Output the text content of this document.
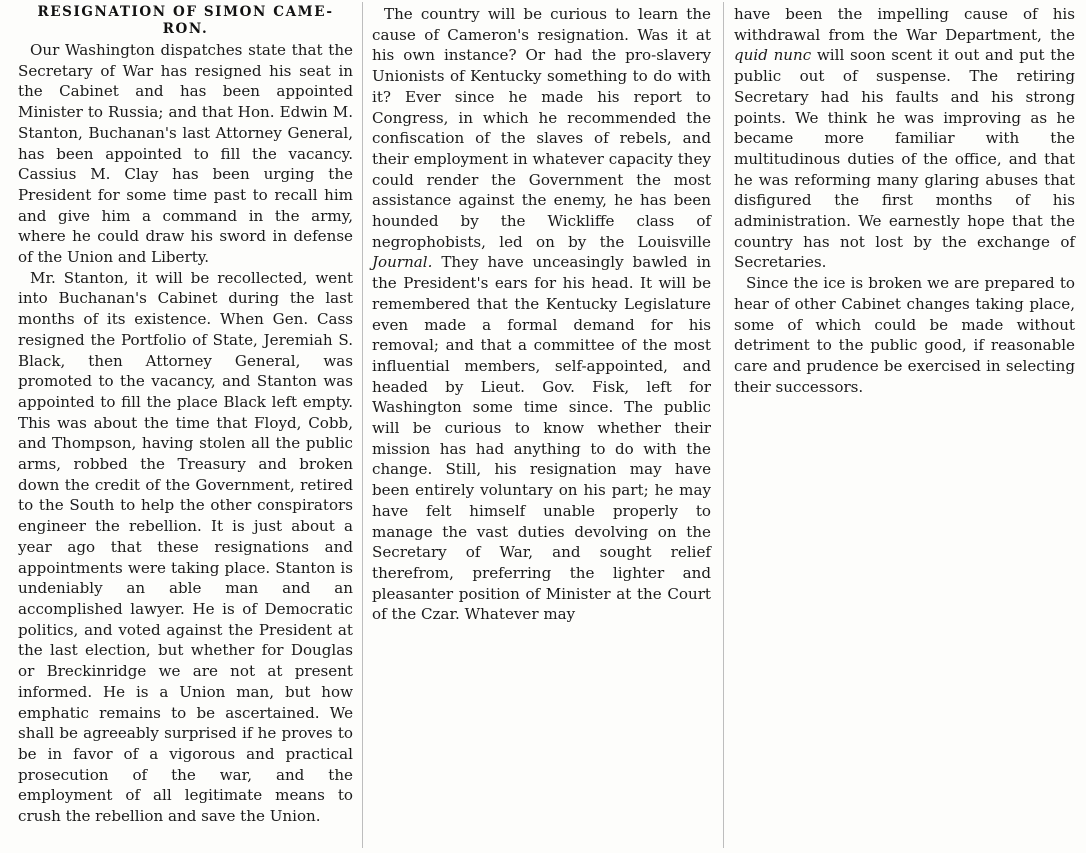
RESIGNATION OF SIMON CAME-
RON.

Our Washington dispatches state that the Secretary of War has resigned his seat in the Cabinet and has been appointed Minister to Russia; and that Hon. Edwin M. Stanton, Buchanan's last Attorney General, has been appointed to fill the vacancy. Cassius M. Clay has been urging the President for some time past to recall him and give him a command in the army, where he could draw his sword in defense of the Union and Liberty.

Mr. Stanton, it will be recollected, went into Buchanan's Cabinet during the last months of its existence. When Gen. Cass resigned the Portfolio of State, Jeremiah S. Black, then Attorney General, was promoted to the vacancy, and Stanton was appointed to fill the place Black left empty. This was about the time that Floyd, Cobb, and Thompson, having stolen all the public arms, robbed the Treasury and broken down the credit of the Government, retired to the South to help the other conspirators engineer the rebellion. It is just about a year ago that these resignations and appointments were taking place. Stanton is undeniably an able man and an accomplished lawyer. He is of Democratic politics, and voted against the President at the last election, but whether for Douglas or Breckinridge we are not at present informed. He is a Union man, but how emphatic remains to be ascertained. We shall be agreeably surprised if he proves to be in favor of a vigorous and practical prosecution of the war, and the employment of all legitimate means to crush the rebellion and save the Union.

The country will be curious to learn the cause of Cameron's resignation. Was it at his own instance? Or had the pro-slavery Unionists of Kentucky something to do with it? Ever since he made his report to Congress, in which he recommended the confiscation of the slaves of rebels, and their employment in whatever capacity they could render the Government the most assistance against the enemy, he has been hounded by the Wickliffe class of negrophobists, led on by the Louisville Journal. They have unceasingly bawled in the President's ears for his head. It will be remembered that the Kentucky Legislature even made a formal demand for his removal; and that a committee of the most influential members, self-appointed, and headed by Lieut. Gov. Fisk, left for Washington some time since. The public will be curious to know whether their mission has had anything to do with the change. Still, his resignation may have been entirely voluntary on his part; he may have felt himself unable properly to manage the vast duties devolving on the Secretary of War, and sought relief therefrom, preferring the lighter and pleasanter position of Minister at the Court of the Czar. Whatever may

have been the impelling cause of his withdrawal from the War Department, the quid nunc will soon scent it out and put the public out of suspense. The retiring Secretary had his faults and his strong points. We think he was improving as he became more familiar with the multitudinous duties of the office, and that he was reforming many glaring abuses that disfigured the first months of his administration. We earnestly hope that the country has not lost by the exchange of Secretaries.

Since the ice is broken we are prepared to hear of other Cabinet changes taking place, some of which could be made without detriment to the public good, if reasonable care and prudence be exercised in selecting their successors.
